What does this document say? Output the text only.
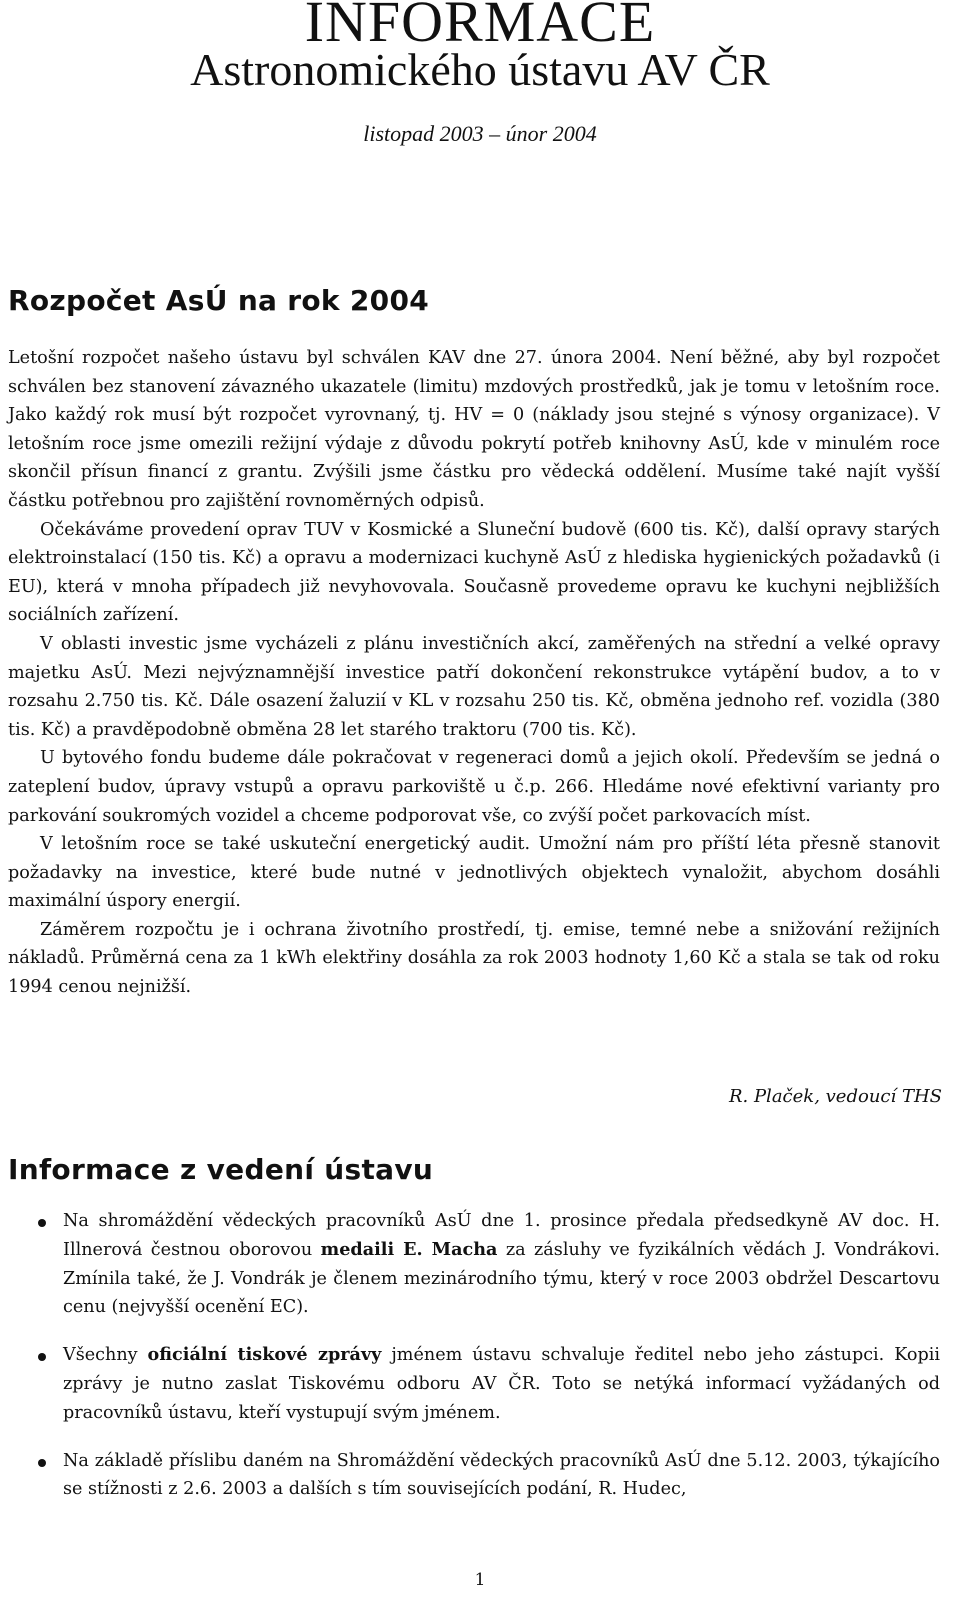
INFORMACE
Astronomického ústavu AV ČR
listopad 2003 – únor 2004
Rozpočet AsÚ na rok 2004

Letošní rozpočet našeho ústavu byl schválen KAV dne 27. února 2004. Není běžné, aby byl rozpočet schválen bez stanovení závazného ukazatele (limitu) mzdových prostředků, jak je tomu v letošním roce. Jako každý rok musí být rozpočet vyrovnaný, tj. HV = 0 (náklady jsou stejné s výnosy organizace). V letošním roce jsme omezili režijní výdaje z důvodu pokrytí potřeb knihovny AsÚ, kde v minulém roce skončil přísun financí z grantu. Zvýšili jsme částku pro vědecká oddělení. Musíme také najít vyšší částku potřebnou pro zajištění rovnoměrných odpisů.

Očekáváme provedení oprav TUV v Kosmické a Sluneční budově (600 tis. Kč), další opravy starých elektroinstalací (150 tis. Kč) a opravu a modernizaci kuchyně AsÚ z hlediska hygienických požadavků (i EU), která v mnoha případech již nevyhovovala. Současně provedeme opravu ke kuchyni nejbližších sociálních zařízení.

V oblasti investic jsme vycházeli z plánu investičních akcí, zaměřených na střední a velké opravy majetku AsÚ. Mezi nejvýznamnější investice patří dokončení rekonstrukce vytápění budov, a to v rozsahu 2.750 tis. Kč. Dále osazení žaluzií v KL v rozsahu 250 tis. Kč, obměna jednoho ref. vozidla (380 tis. Kč) a pravděpodobně obměna 28 let starého traktoru (700 tis. Kč).

U bytového fondu budeme dále pokračovat v regeneraci domů a jejich okolí. Především se jedná o zateplení budov, úpravy vstupů a opravu parkoviště u č.p. 266. Hledáme nové efektivní varianty pro parkování soukromých vozidel a chceme podporovat vše, co zvýší počet parkovacích míst.

V letošním roce se také uskuteční energetický audit. Umožní nám pro příští léta přesně stanovit požadavky na investice, které bude nutné v jednotlivých objektech vynaložit, abychom dosáhli maximální úspory energií.

Záměrem rozpočtu je i ochrana životního prostředí, tj. emise, temné nebe a snižování režijních nákladů. Průměrná cena za 1 kWh elektřiny dosáhla za rok 2003 hodnoty 1,60 Kč a stala se tak od roku 1994 cenou nejnižší.

R. Plaček, vedoucí THS
Informace z vedení ústavu
Na shromáždění vědeckých pracovníků AsÚ dne 1. prosince předala předsedkyně AV doc. H. Illnerová čestnou oborovou medaili E. Macha za zásluhy ve fyzikálních vědách J. Vondrákovi. Zmínila také, že J. Vondrák je členem mezinárodního týmu, který v roce 2003 obdržel Descartovu cenu (nejvyšší ocenění EC).
Všechny oficiální tiskové zprávy jménem ústavu schvaluje ředitel nebo jeho zástupci. Kopii zprávy je nutno zaslat Tiskovému odboru AV ČR. Toto se netýká informací vyžádaných od pracovníků ústavu, kteří vystupují svým jménem.
Na základě příslibu daném na Shromáždění vědeckých pracovníků AsÚ dne 5.12. 2003, týkajícího se stížnosti z 2.6. 2003 a dalších s tím souvisejících podání, R. Hudec,
1
